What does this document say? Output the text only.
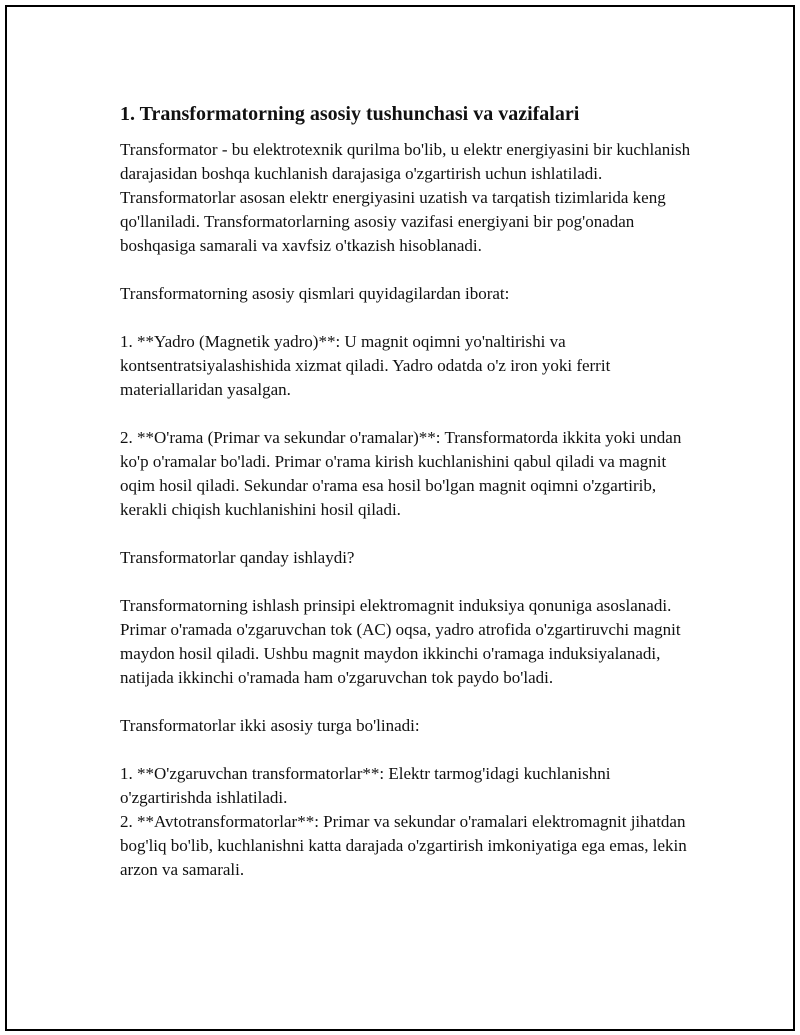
1. Transformatorning asosiy tushunchasi va vazifalari

Transformator - bu elektrotexnik qurilma bo'lib, u elektr energiyasini bir kuchlanish darajasidan boshqa kuchlanish darajasiga o'zgartirish uchun ishlatiladi. Transformatorlar asosan elektr energiyasini uzatish va tarqatish tizimlarida keng qo'llaniladi. Transformatorlarning asosiy vazifasi energiyani bir pog'onadan boshqasiga samarali va xavfsiz o'tkazish hisoblanadi.

Transformatorning asosiy qismlari quyidagilardan iborat:

1. **Yadro (Magnetik yadro)**: U magnit oqimni yo'naltirishi va kontsentratsiyalashishida xizmat qiladi. Yadro odatda o'z iron yoki ferrit materiallaridan yasalgan.

2. **O'rama (Primar va sekundar o'ramalar)**: Transformatorda ikkita yoki undan ko'p o'ramalar bo'ladi. Primar o'rama kirish kuchlanishini qabul qiladi va magnit oqim hosil qiladi. Sekundar o'rama esa hosil bo'lgan magnit oqimni o'zgartirib, kerakli chiqish kuchlanishini hosil qiladi.

Transformatorlar qanday ishlaydi?

Transformatorning ishlash prinsipi elektromagnit induksiya qonuniga asoslanadi. Primar o'ramada o'zgaruvchan tok (AC) oqsa, yadro atrofida o'zgartiruvchi magnit maydon hosil qiladi. Ushbu magnit maydon ikkinchi o'ramaga induksiyalanadi, natijada ikkinchi o'ramada ham o'zgaruvchan tok paydo bo'ladi.

Transformatorlar ikki asosiy turga bo'linadi:

1. **O'zgaruvchan transformatorlar**: Elektr tarmog'idagi kuchlanishni o'zgartirishda ishlatiladi.

2. **Avtotransformatorlar**: Primar va sekundar o'ramalari elektromagnit jihatdan bog'liq bo'lib, kuchlanishni katta darajada o'zgartirish imkoniyatiga ega emas, lekin arzon va samarali.
